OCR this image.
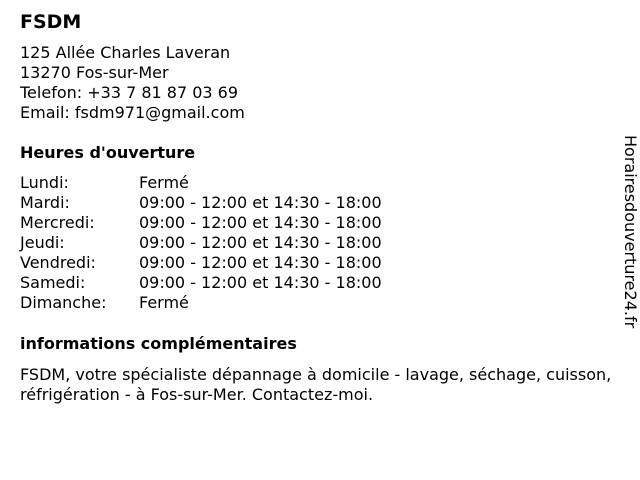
FSDM
125 Allée Charles Laveran
13270 Fos-sur-Mer
Telefon: +33 7 81 87 03 69
Email: fsdm971@gmail.com
Heures d'ouverture
Lundi:	Fermé
Mardi:	09:00 - 12:00 et 14:30 - 18:00
Mercredi:	09:00 - 12:00 et 14:30 - 18:00
Jeudi:	09:00 - 12:00 et 14:30 - 18:00
Vendredi:	09:00 - 12:00 et 14:30 - 18:00
Samedi:	09:00 - 12:00 et 14:30 - 18:00
Dimanche: Fermé
informations complémentaires
FSDM, votre spécialiste dépannage à domicile - lavage, séchage, cuisson, réfrigération - à Fos-sur-Mer. Contactez-moi.
Horairesdouverture24.fr
